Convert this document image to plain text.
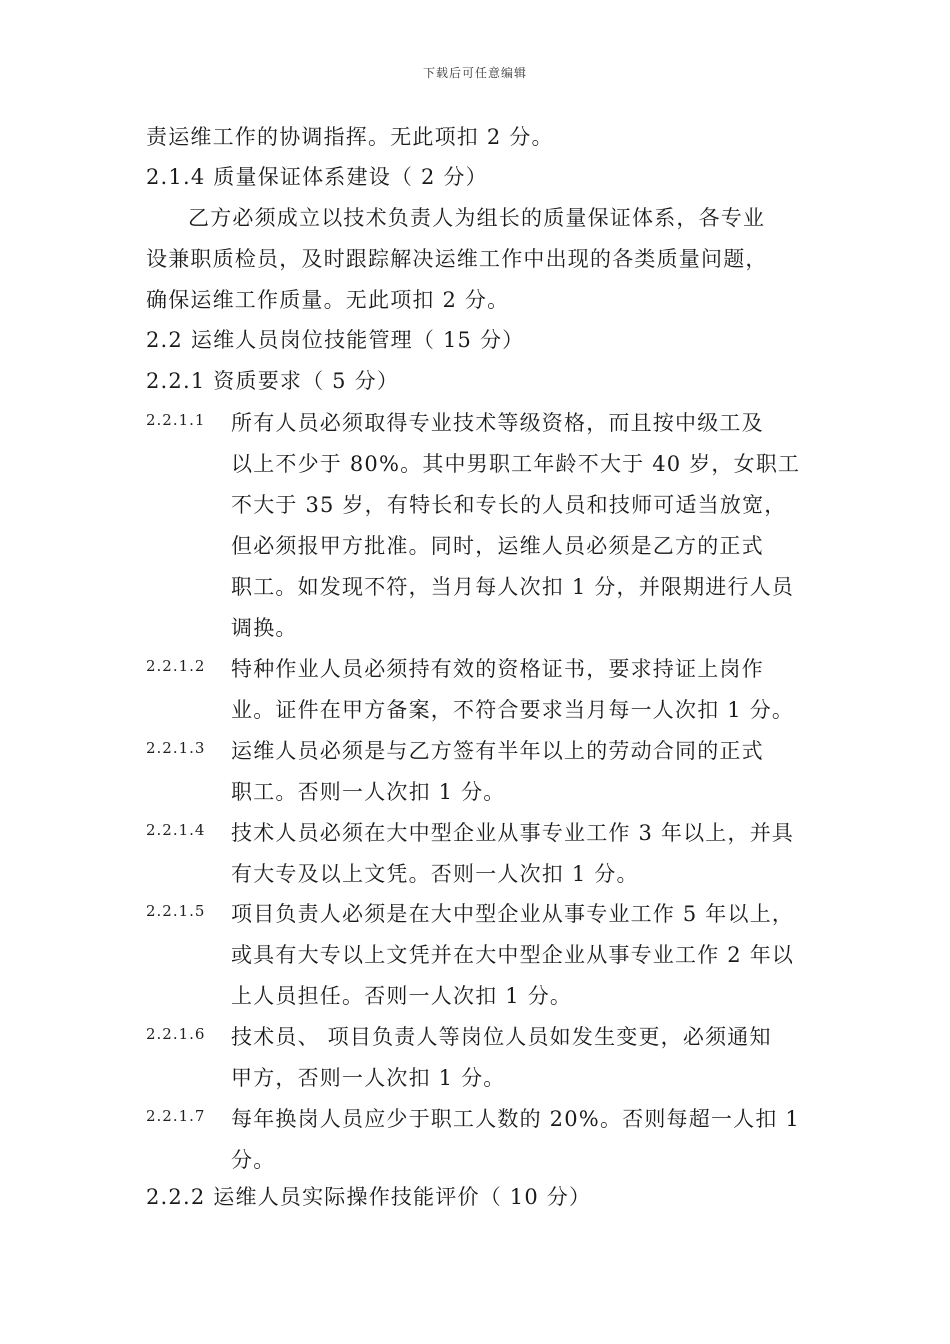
下载后可任意编辑
责运维工作的协调指挥。无此项扣 2 分。
2.1.4 质量保证体系建设（ 2 分）
乙方必须成立以技术负责人为组长的质量保证体系，各专业
设兼职质检员，及时跟踪解决运维工作中出现的各类质量问题，
确保运维工作质量。无此项扣 2 分。
2.2 运维人员岗位技能管理（ 15 分）
2.2.1 资质要求（ 5 分）
2.2.1.1 所有人员必须取得专业技术等级资格，而且按中级工及
以上不少于 80%。其中男职工年龄不大于 40 岁，女职工
不大于 35 岁，有特长和专长的人员和技师可适当放宽，
但必须报甲方批准。同时，运维人员必须是乙方的正式
职工。如发现不符，当月每人次扣 1 分，并限期进行人员
调换。
2.2.1.2 特种作业人员必须持有效的资格证书，要求持证上岗作
业。证件在甲方备案，不符合要求当月每一人次扣 1 分。
2.2.1.3 运维人员必须是与乙方签有半年以上的劳动合同的正式
职工。否则一人次扣 1 分。
2.2.1.4 技术人员必须在大中型企业从事专业工作 3 年以上，并具
有大专及以上文凭。否则一人次扣 1 分。
2.2.1.5 项目负责人必须是在大中型企业从事专业工作 5 年以上，
或具有大专以上文凭并在大中型企业从事专业工作 2 年以
上人员担任。否则一人次扣 1 分。
2.2.1.6 技术员、 项目负责人等岗位人员如发生变更，必须通知
甲方，否则一人次扣 1 分。
2.2.1.7 每年换岗人员应少于职工人数的 20%。否则每超一人扣 1
分。
2.2.2 运维人员实际操作技能评价（ 10 分）
